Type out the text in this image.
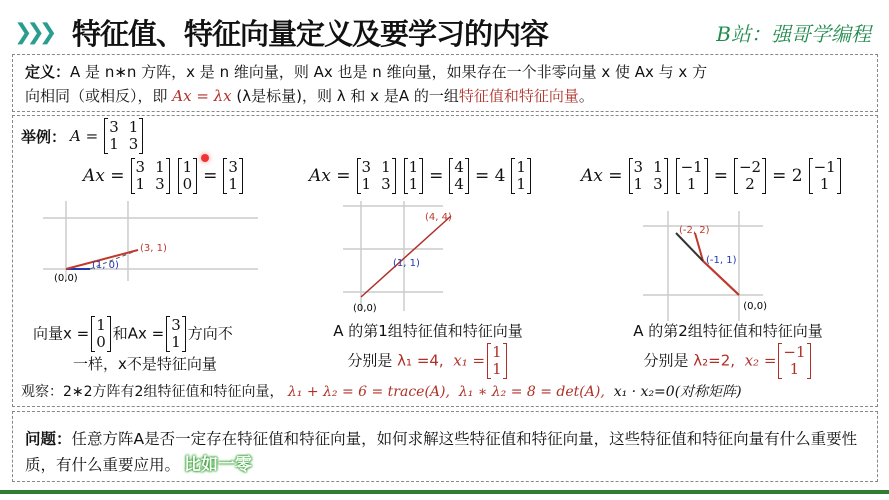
❯❯❯ 特征值、特征向量定义及要学习的内容	B站：强哥学编程
定义：A 是 n∗n 方阵，x 是 n 维向量，则 Ax 也是 n 维向量，如果存在一个非零向量 x 使 Ax 与 x 方
向相同（或相反），即 Ax = λx (λ是标量)，则 λ 和 x 是A 的一组特征值和特征向量。
举例： A = 3 1
1 3
Ax = 3 1
1 3
1
0 = 3
1	Ax = 3 1
1 3
1
1 = 4
4 = 4 1
1	Ax = 3 1
1 3
−1
1	= −2
2	= 2 −1
1
(0,0)
(1, 0)
(3, 1)
(0,0)
(1, 1)
(4, 4)
(0,0)
(-1, 1)
(-2, 2)
向量x = 1
0 和Ax = 3
1 方向不
一样，x不是特征向量
A 的第1组特征值和特征向量
分别是 λ₁ =4, x₁ = 1
1
A 的第2组特征值和特征向量
分别是 λ₂=2, x₂ = −1
1
观察：2∗2方阵有2组特征值和特征向量， λ₁ + λ₂ = 6 = trace(A), λ₁ ∗ λ₂ = 8 = det(A), x₁ · x₂=0(对称矩阵)
问题：任意方阵A是否一定存在特征值和特征向量，如何求解这些特征值和特征向量，这些特征值和特征向量有什么重要性质，有什么重要应用。 比如一零
